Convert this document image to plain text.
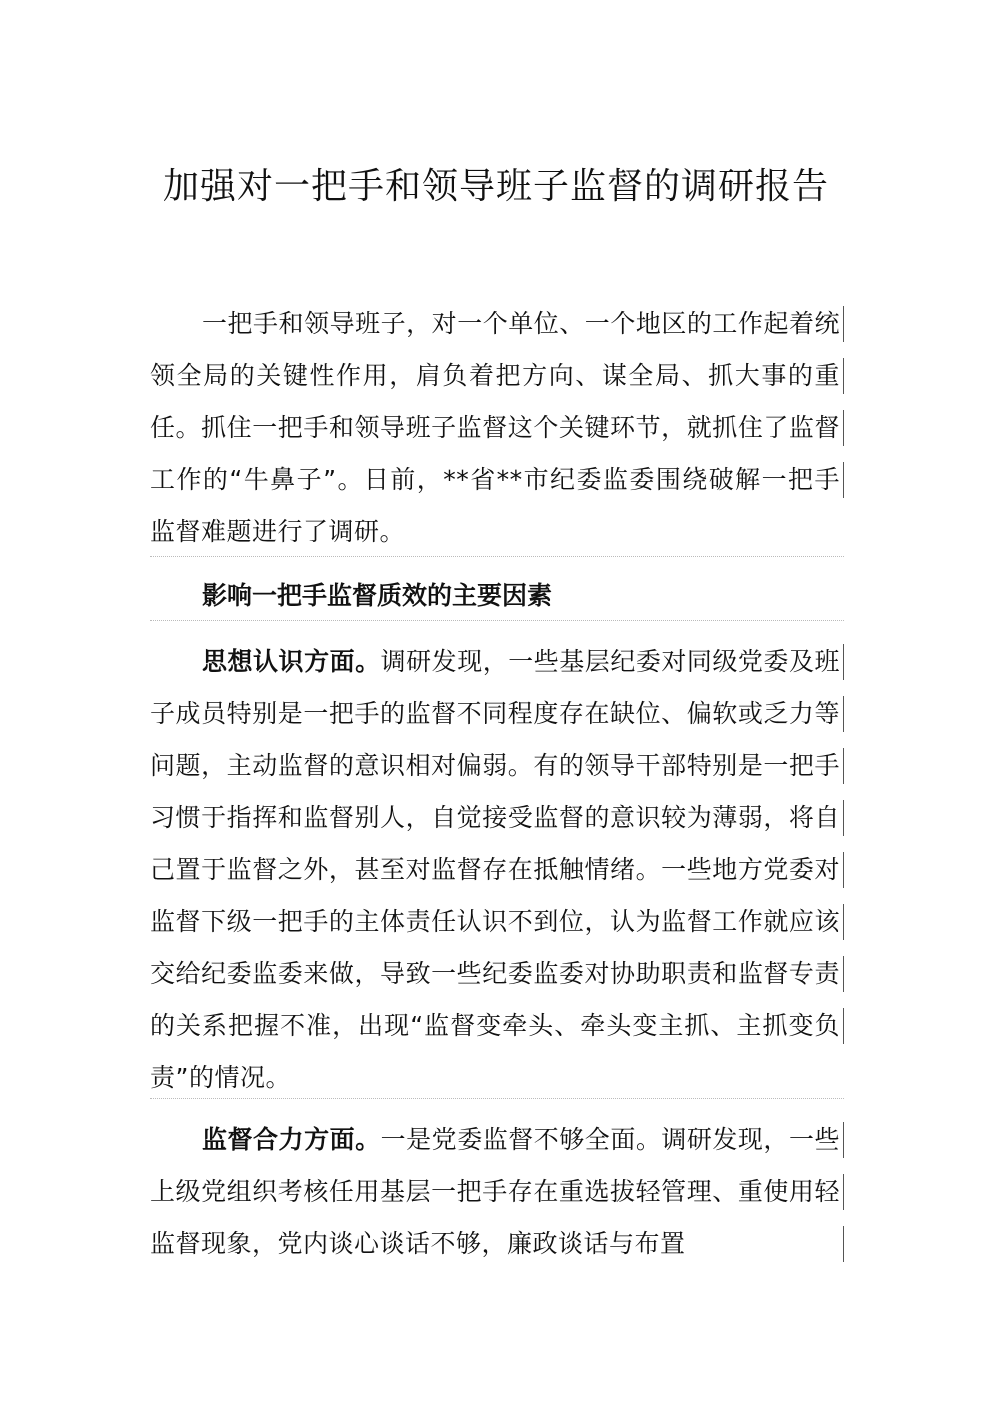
加强对一把手和领导班子监督的调研报告

一把手和领导班子，对一个单位、一个地区的工作起着统领全局的关键性作用，肩负着把方向、谋全局、抓大事的重任。抓住一把手和领导班子监督这个关键环节，就抓住了监督工作的“牛鼻子”。日前，**省**市纪委监委围绕破解一把手监督难题进行了调研。

影响一把手监督质效的主要因素

思想认识方面。调研发现，一些基层纪委对同级党委及班子成员特别是一把手的监督不同程度存在缺位、偏软或乏力等问题，主动监督的意识相对偏弱。有的领导干部特别是一把手习惯于指挥和监督别人，自觉接受监督的意识较为薄弱，将自己置于监督之外，甚至对监督存在抵触情绪。一些地方党委对监督下级一把手的主体责任认识不到位，认为监督工作就应该交给纪委监委来做，导致一些纪委监委对协助职责和监督专责的关系把握不准，出现“监督变牵头、牵头变主抓、主抓变负责”的情况。

监督合力方面。一是党委监督不够全面。调研发现，一些上级党组织考核任用基层一把手存在重选拔轻管理、重使用轻监督现象，党内谈心谈话不够，廉政谈话与布置
